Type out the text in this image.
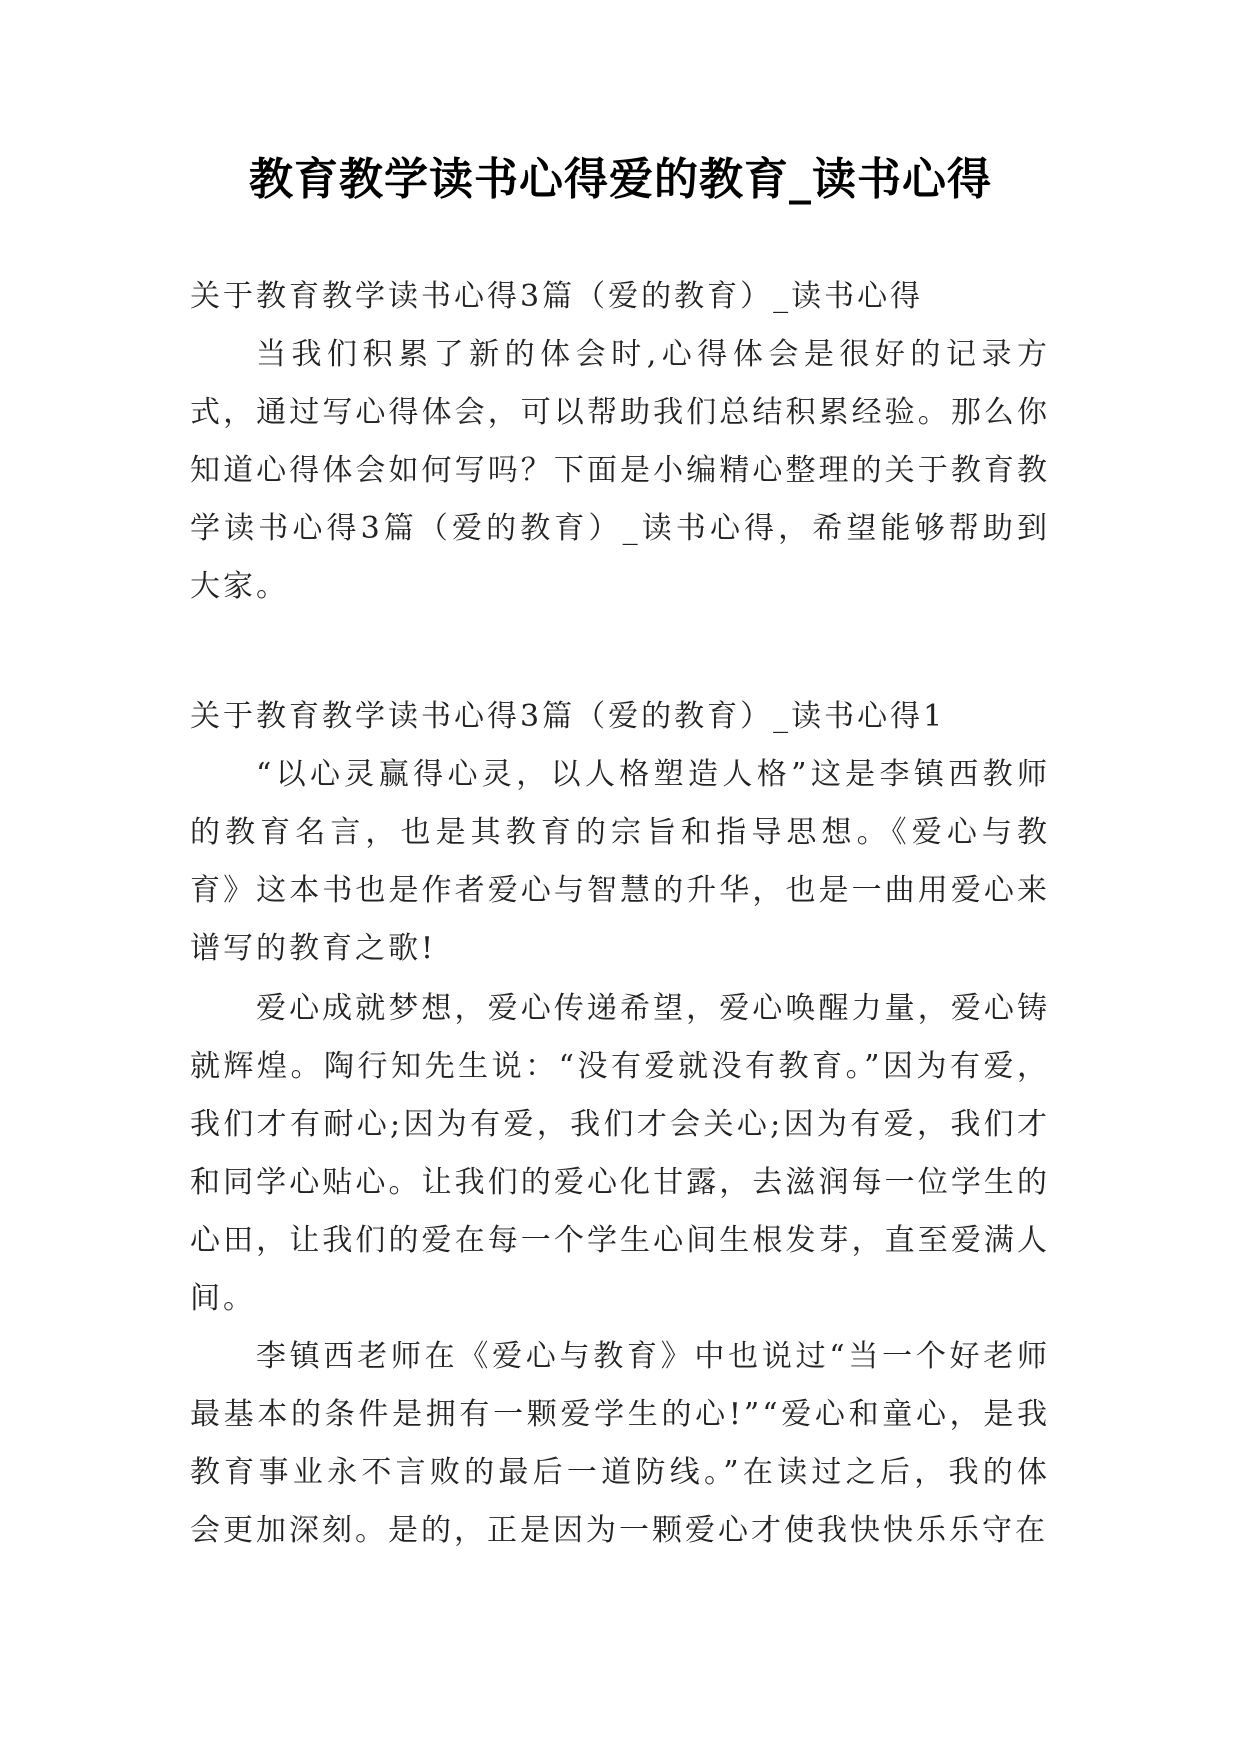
教育教学读书心得爱的教育_读书心得

关于教育教学读书心得3篇（爱的教育）_读书心得

当我们积累了新的体会时,心得体会是很好的记录方式，通过写心得体会，可以帮助我们总结积累经验。那么你知道心得体会如何写吗？下面是小编精心整理的关于教育教学读书心得3篇（爱的教育）_读书心得，希望能够帮助到大家。

关于教育教学读书心得3篇（爱的教育）_读书心得1

“以心灵赢得心灵，以人格塑造人格”这是李镇西教师的教育名言，也是其教育的宗旨和指导思想。《爱心与教育》这本书也是作者爱心与智慧的升华，也是一曲用爱心来谱写的教育之歌!

爱心成就梦想，爱心传递希望，爱心唤醒力量，爱心铸就辉煌。陶行知先生说：“没有爱就没有教育。”因为有爱，我们才有耐心;因为有爱，我们才会关心;因为有爱，我们才和同学心贴心。让我们的爱心化甘露，去滋润每一位学生的心田，让我们的爱在每一个学生心间生根发芽，直至爱满人间。

李镇西老师在《爱心与教育》中也说过“当一个好老师最基本的条件是拥有一颗爱学生的心!”“爱心和童心，是我教育事业永不言败的最后一道防线。”在读过之后，我的体会更加深刻。是的，正是因为一颗爱心才使我快快乐乐守在
